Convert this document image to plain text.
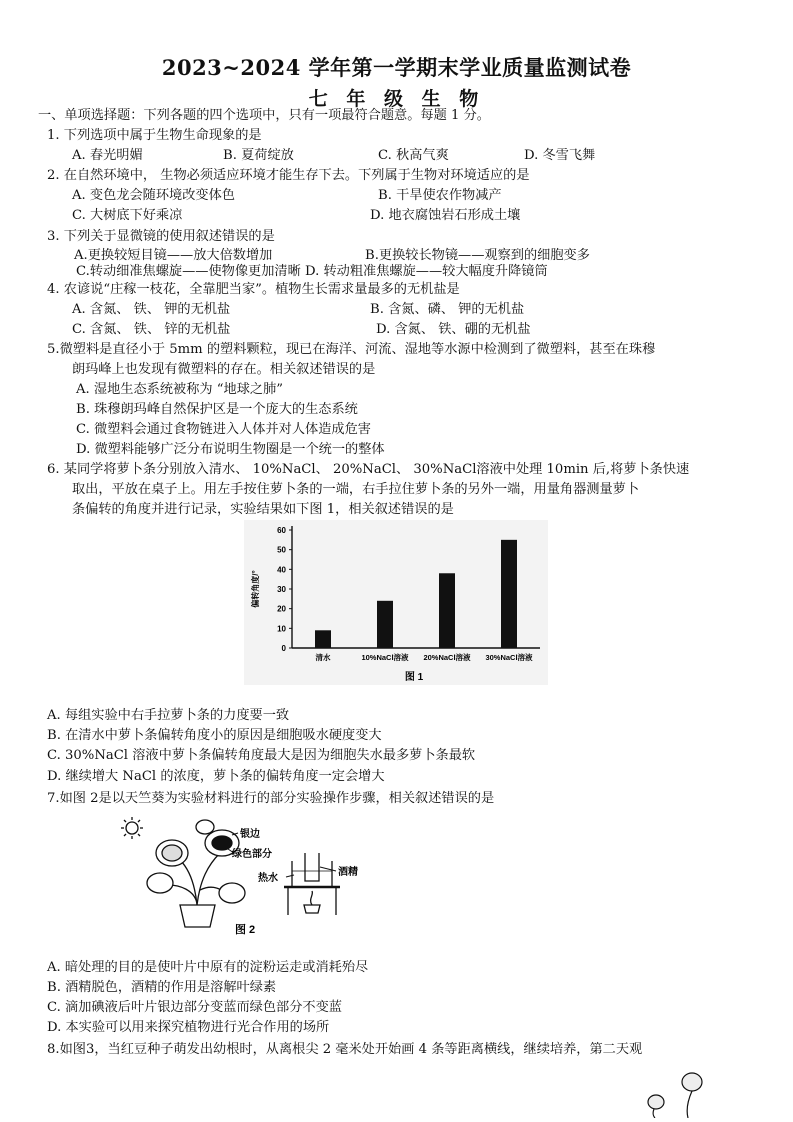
2023~2024 学年第一学期末学业质量监测试卷
七 年 级 生 物
一、单项选择题：下列各题的四个选项中，只有一项最符合题意。每题 1 分。
1. 下列选项中属于生物生命现象的是
A. 春光明媚	B. 夏荷绽放	C. 秋高气爽	D. 冬雪飞舞
2. 在自然环境中， 生物必须适应环境才能生存下去。下列属于生物对环境适应的是
A. 变色龙会随环境改变体色	B. 干旱使农作物减产
C. 大树底下好乘凉	D. 地衣腐蚀岩石形成土壤
3. 下列关于显微镜的使用叙述错误的是
A.更换较短目镜——放大倍数增加	B.更换较长物镜——观察到的细胞变多
C.转动细准焦螺旋——使物像更加清晰 D. 转动粗准焦螺旋——较大幅度升降镜筒
4. 农谚说“庄稼一枝花，全靠肥当家”。植物生长需求量最多的无机盐是
A. 含氮、 铁、 钾的无机盐	B. 含氮、磷、 钾的无机盐
C. 含氮、 铁、 锌的无机盐	D. 含氮、 铁、硼的无机盐
5.微塑料是直径小于 5mm 的塑料颗粒，现已在海洋、河流、湿地等水源中检测到了微塑料，甚至在珠穆
朗玛峰上也发现有微塑料的存在。相关叙述错误的是
A. 湿地生态系统被称为 “地球之肺”
B. 珠穆朗玛峰自然保护区是一个庞大的生态系统
C. 微塑料会通过食物链进入人体并对人体造成危害
D. 微塑料能够广泛分布说明生物圈是一个统一的整体
6. 某同学将萝卜条分别放入清水、 10%NaCl、 20%NaCl、 30%NaCl溶液中处理 10min 后,将萝卜条快速
取出，平放在桌子上。用左手按住萝卜条的一端，右手拉住萝卜条的另外一端，用量角器测量萝卜
条偏转的角度并进行记录，实验结果如下图 1，相关叙述错误的是
0
10
20
30
40
50
60
偏转角度/°
清水	10%NaCl溶液 20%NaCl溶液 30%NaCl溶液
图 1
A. 每组实验中右手拉萝卜条的力度要一致
B. 在清水中萝卜条偏转角度小的原因是细胞吸水硬度变大
C. 30%NaCl 溶液中萝卜条偏转角度最大是因为细胞失水最多萝卜条最软
D. 继续增大 NaCl 的浓度，萝卜条的偏转角度一定会增大
7.如图 2是以天竺葵为实验材料进行的部分实验操作步骤，相关叙述错误的是
银边
绿色部分
热水
酒精
图 2
A. 暗处理的目的是使叶片中原有的淀粉运走或消耗殆尽
B. 酒精脱色，酒精的作用是溶解叶绿素
C. 滴加碘液后叶片银边部分变蓝而绿色部分不变蓝
D. 本实验可以用来探究植物进行光合作用的场所
8.如图3，当红豆种子萌发出幼根时，从离根尖 2 毫米处开始画 4 条等距离横线，继续培养，第二天观
